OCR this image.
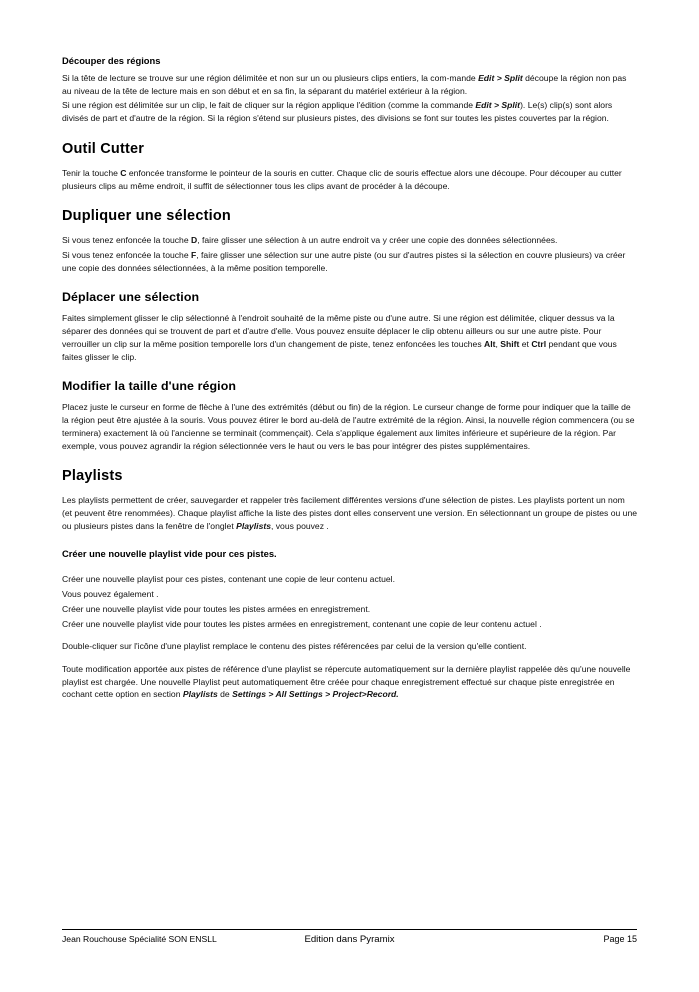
Découper des régions

Si la tête de lecture se trouve sur une région délimitée et non sur un ou plusieurs clips entiers, la com-mande Edit > Split découpe la région non pas au niveau de la tête de lecture mais en son début et en sa fin, la séparant du matériel extérieur à la région.

Si une région est délimitée sur un clip, le fait de cliquer sur la région applique l'édition (comme la commande Edit > Split). Le(s) clip(s) sont alors divisés de part et d'autre de la région. Si la région s'étend sur plusieurs pistes, des divisions se font sur toutes les pistes couvertes par la région.

Outil Cutter

Tenir la touche C enfoncée transforme le pointeur de la souris en cutter. Chaque clic de souris effectue alors une découpe. Pour découper au cutter plusieurs clips au même endroit, il suffit de sélectionner tous les clips avant de procéder à la découpe.

Dupliquer une sélection

Si vous tenez enfoncée la touche D, faire glisser une sélection à un autre endroit va y créer une copie des données sélectionnées.

Si vous tenez enfoncée la touche F, faire glisser une sélection sur une autre piste (ou sur d'autres pistes si la sélection en couvre plusieurs) va créer une copie des données sélectionnées, à la même position temporelle.

Déplacer une sélection

Faites simplement glisser le clip sélectionné à l'endroit souhaité de la même piste ou d'une autre. Si une région est délimitée, cliquer dessus va la séparer des données qui se trouvent de part et d'autre d'elle. Vous pouvez ensuite déplacer le clip obtenu ailleurs ou sur une autre piste. Pour verrouiller un clip sur la même position temporelle lors d'un changement de piste, tenez enfoncées les touches Alt, Shift et Ctrl pendant que vous faites glisser le clip.

Modifier la taille d'une région

Placez juste le curseur en forme de flèche à l'une des extrémités (début ou fin) de la région. Le curseur change de forme pour indiquer que la taille de la région peut être ajustée à la souris. Vous pouvez étirer le bord au-delà de l'autre extrémité de la région. Ainsi, la nouvelle région commencera (ou se terminera) exactement là où l'ancienne se terminait (commençait). Cela s'applique également aux limites inférieure et supérieure de la région. Par exemple, vous pouvez agrandir la région sélectionnée vers le haut ou vers le bas pour intégrer des pistes supplémentaires.

Playlists

Les playlists permettent de créer, sauvegarder et rappeler très facilement différentes versions d'une sélection de pistes. Les playlists portent un nom (et peuvent être renommées). Chaque playlist affiche la liste des pistes dont elles conservent une version. En sélectionnant un groupe de pistes ou une ou plusieurs pistes dans la fenêtre de l'onglet Playlists, vous pouvez .

Créer une nouvelle playlist vide pour ces pistes.

Créer une nouvelle playlist pour ces pistes, contenant une copie de leur contenu actuel.

Vous pouvez également .

Créer une nouvelle playlist vide pour toutes les pistes armées en enregistrement.

Créer une nouvelle playlist vide pour toutes les pistes armées en enregistrement, contenant une copie de leur contenu actuel .

Double-cliquer sur l'icône d'une playlist remplace le contenu des pistes référencées par celui de la version qu'elle contient.

Toute modification apportée aux pistes de référence d'une playlist se répercute automatiquement sur la dernière playlist rappelée dès qu'une nouvelle playlist est chargée. Une nouvelle Playlist peut automatiquement être créée pour chaque enregistrement effectué sur chaque piste enregistrée en cochant cette option en section Playlists de Settings > All Settings > Project>Record.

Jean Rouchouse Spécialité SON ENSLL	Edition dans Pyramix	Page 15
